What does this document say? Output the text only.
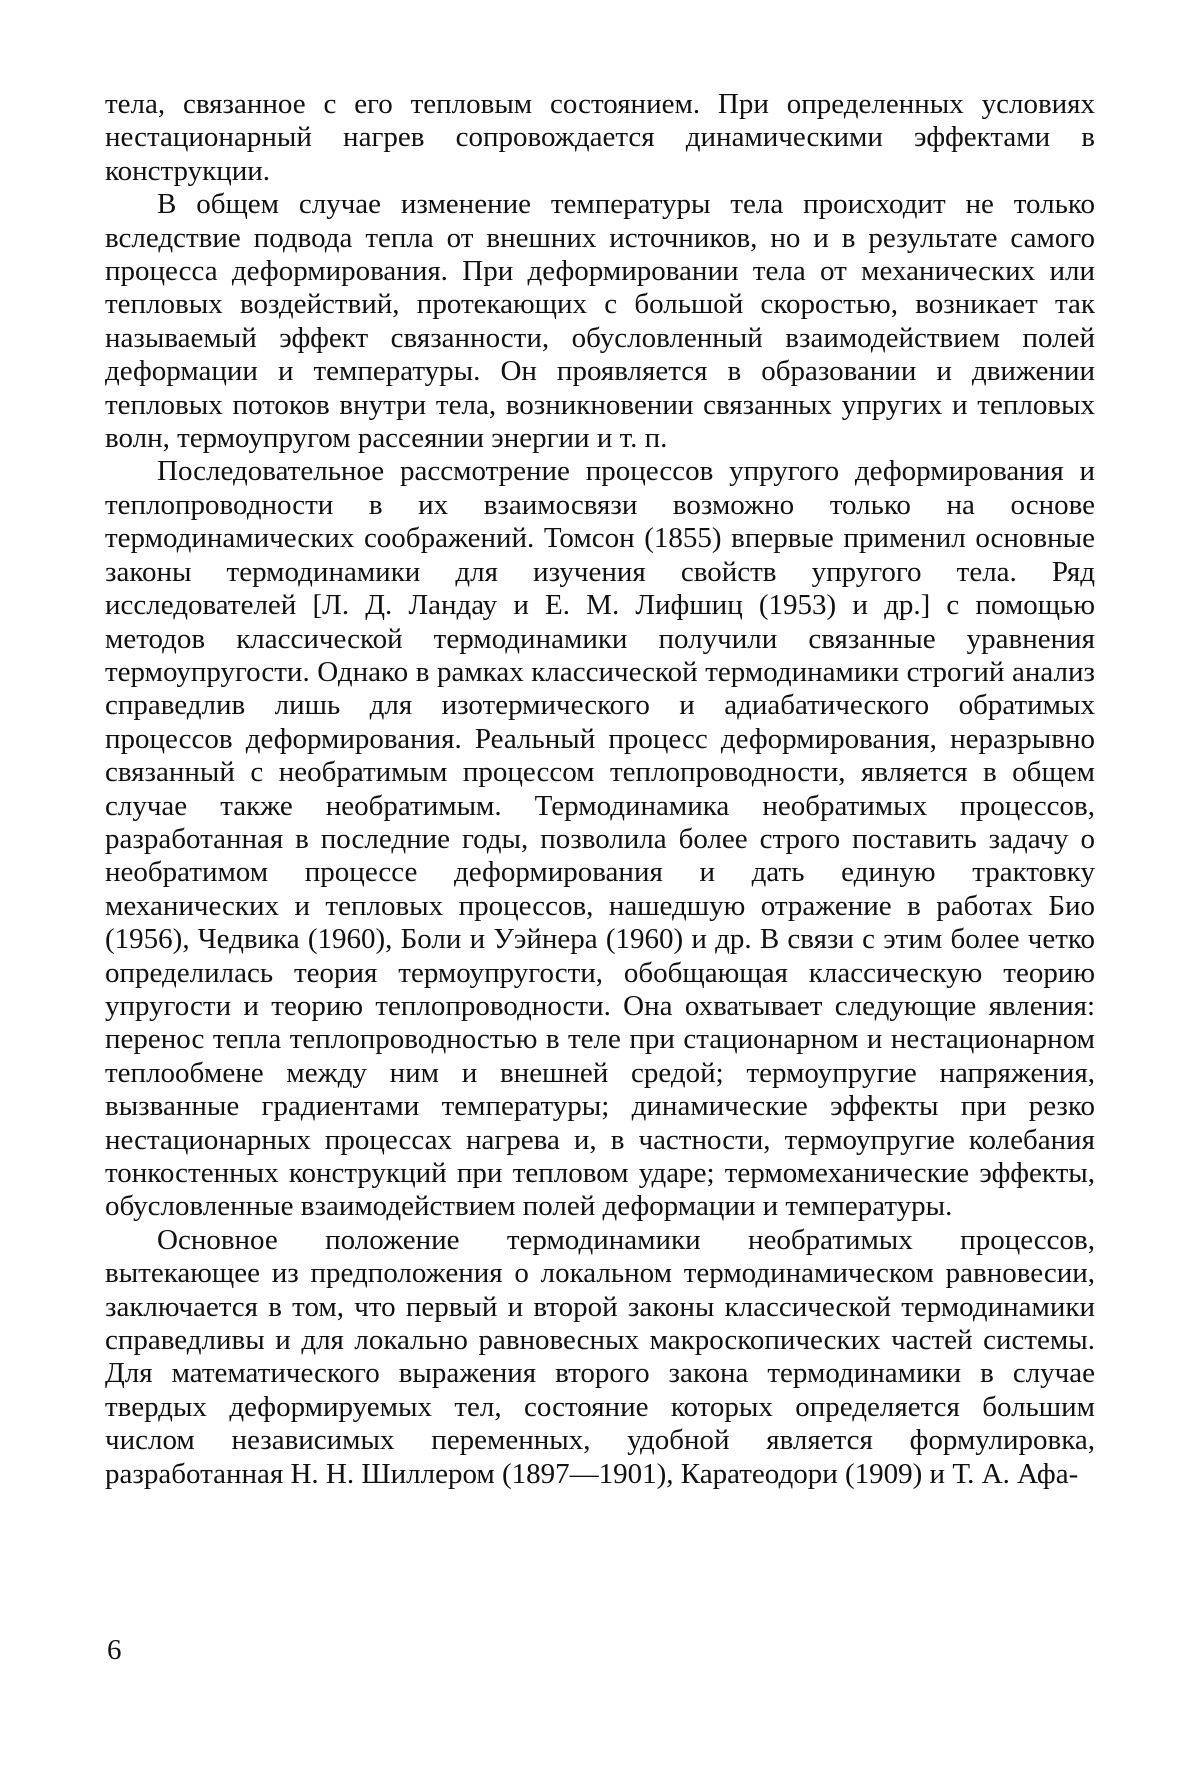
тела, связанное с его тепловым состоянием. При определенных условиях нестационарный нагрев сопровождается динамическими эффектами в конструкции.

В общем случае изменение температуры тела происходит не только вследствие подвода тепла от внешних источников, но и в результате самого процесса деформирования. При деформировании тела от механических или тепловых воздействий, протекающих с большой скоростью, возникает так называемый эффект связанности, обусловленный взаимодействием полей деформации и температуры. Он проявляется в образовании и движении тепловых потоков внутри тела, возникновении связанных упругих и тепловых волн, термоупругом рассеянии энергии и т. п.

Последовательное рассмотрение процессов упругого деформирования и теплопроводности в их взаимосвязи возможно только на основе термодинамических соображений. Томсон (1855) впервые применил основные законы термодинамики для изучения свойств упругого тела. Ряд исследователей [Л. Д. Ландау и Е. М. Лифшиц (1953) и др.] с помощью методов классической термодинамики получили связанные уравнения термоупругости. Однако в рамках классической термодинамики строгий анализ справедлив лишь для изотермического и адиабатического обратимых процессов деформирования. Реальный процесс деформирования, неразрывно связанный с необратимым процессом теплопроводности, является в общем случае также необратимым. Термодинамика необратимых процессов, разработанная в последние годы, позволила более строго поставить задачу о необратимом процессе деформирования и дать единую трактовку механических и тепловых процессов, нашедшую отражение в работах Био (1956), Чедвика (1960), Боли и Уэйнера (1960) и др. В связи с этим более четко определилась теория термоупругости, обобщающая классическую теорию упругости и теорию теплопроводности. Она охватывает следующие явления: перенос тепла теплопроводностью в теле при стационарном и нестационарном теплообмене между ним и внешней средой; термоупругие напряжения, вызванные градиентами температуры; динамические эффекты при резко нестационарных процессах нагрева и, в частности, термоупругие колебания тонкостенных конструкций при тепловом ударе; термомеханические эффекты, обусловленные взаимодействием полей деформации и температуры.

Основное положение термодинамики необратимых процессов, вытекающее из предположения о локальном термодинамическом равновесии, заключается в том, что первый и второй законы классической термодинамики справедливы и для локально равновесных макроскопических частей системы. Для математического выражения второго закона термодинамики в случае твердых деформируемых тел, состояние которых определяется большим числом независимых переменных, удобной является формулировка, разработанная Н. Н. Шиллером (1897—1901), Каратеодори (1909) и Т. А. Афа-

6
